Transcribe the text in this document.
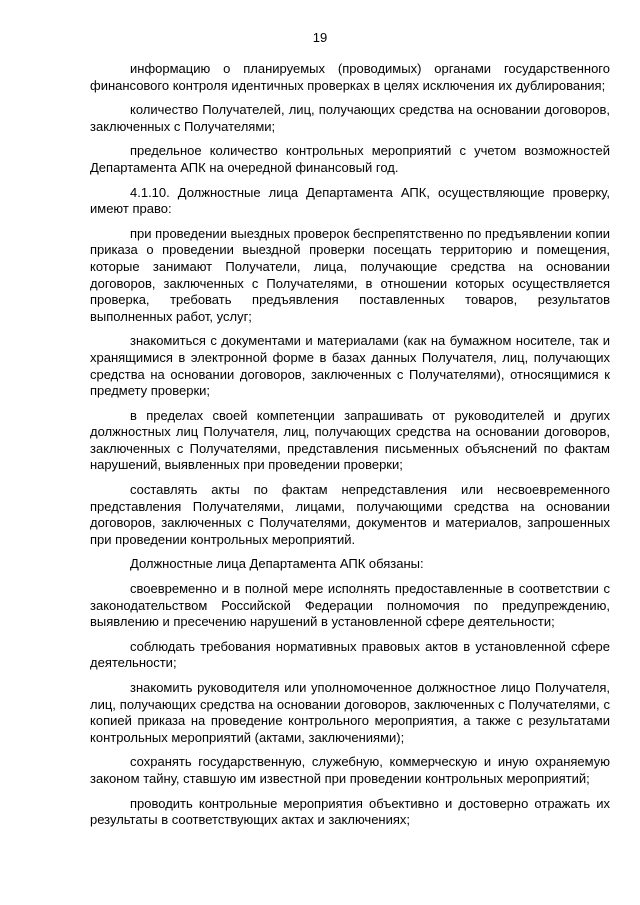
19

информацию о планируемых (проводимых) органами государственного финансового контроля идентичных проверках в целях исключения их дублирования;

количество Получателей, лиц, получающих средства на основании договоров, заключенных с Получателями;

предельное количество контрольных мероприятий с учетом возможностей Департамента АПК на очередной финансовый год.

4.1.10. Должностные лица Департамента АПК, осуществляющие проверку, имеют право:

при проведении выездных проверок беспрепятственно по предъявлении копии приказа о проведении выездной проверки посещать территорию и помещения, которые занимают Получатели, лица, получающие средства на основании договоров, заключенных с Получателями, в отношении которых осуществляется проверка, требовать предъявления поставленных товаров, результатов выполненных работ, услуг;

знакомиться с документами и материалами (как на бумажном носителе, так и хранящимися в электронной форме в базах данных Получателя, лиц, получающих средства на основании договоров, заключенных с Получателями), относящимися к предмету проверки;

в пределах своей компетенции запрашивать от руководителей и других должностных лиц Получателя, лиц, получающих средства на основании договоров, заключенных с Получателями, представления письменных объяснений по фактам нарушений, выявленных при проведении проверки;

составлять акты по фактам непредставления или несвоевременного представления Получателями, лицами, получающими средства на основании договоров, заключенных с Получателями, документов и материалов, запрошенных при проведении контрольных мероприятий.

Должностные лица Департамента АПК обязаны:

своевременно и в полной мере исполнять предоставленные в соответствии с законодательством Российской Федерации полномочия по предупреждению, выявлению и пресечению нарушений в установленной сфере деятельности;

соблюдать требования нормативных правовых актов в установленной сфере деятельности;

знакомить руководителя или уполномоченное должностное лицо Получателя, лиц, получающих средства на основании договоров, заключенных с Получателями, с копией приказа на проведение контрольного мероприятия, а также с результатами контрольных мероприятий (актами, заключениями);

сохранять государственную, служебную, коммерческую и иную охраняемую законом тайну, ставшую им известной при проведении контрольных мероприятий;

проводить контрольные мероприятия объективно и достоверно отражать их результаты в соответствующих актах и заключениях;
